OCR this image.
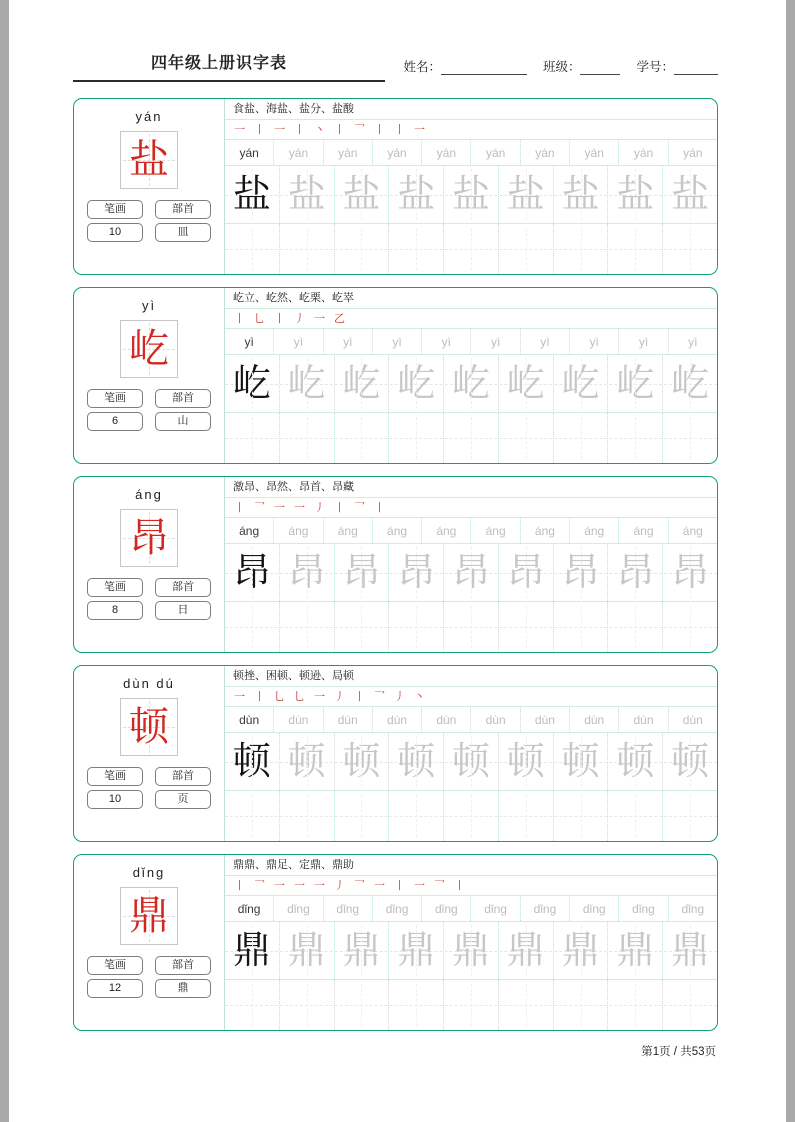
四年级上册识字表	姓名：	班级：	学号：
yán
盐
笔画
10
部首
皿
食盐、海盐、盐分、盐酸
一 丨 一 丨 丶 丨 乛 丨 丨 一
yán	yán	yán	yán	yán	yán	yán	yán	yán	yán
盐 盐 盐 盐 盐 盐 盐 盐 盐
yì
屹
笔画
6
部首
山
屹立、屹然、屹栗、屹崒
丨 乚 丨 丿 一 乙
yì	yì	yì	yì	yì	yì	yì	yì	yì	yì
屹 屹 屹 屹 屹 屹 屹 屹 屹
áng
昂
笔画
8
部首
日
激昂、昂然、昂首、昂藏
丨 乛 一 一 丿 丨 乛 丨
áng	áng	áng	áng	áng	áng	áng	áng	áng	áng
昂 昂 昂 昂 昂 昂 昂 昂 昂
dùn dú
顿
笔画
10
部首
页
顿挫、困顿、顿逊、局顿
一 丨 乚 乚 一 丿 丨 乛 丿 丶
dùn	dùn	dùn	dùn	dùn	dùn	dùn	dùn	dùn	dùn
顿 顿 顿 顿 顿 顿 顿 顿 顿
dǐng
鼎
笔画
12
部首
鼎
鼎鼎、鼎足、定鼎、鼎助
丨 乛 一 一 一 丿 乛 一 丨 一 乛 丨
dǐng	dǐng	dǐng	dǐng	dǐng	dǐng	dǐng	dǐng	dǐng	dǐng
鼎 鼎 鼎 鼎 鼎 鼎 鼎 鼎 鼎
第1页 / 共53页
